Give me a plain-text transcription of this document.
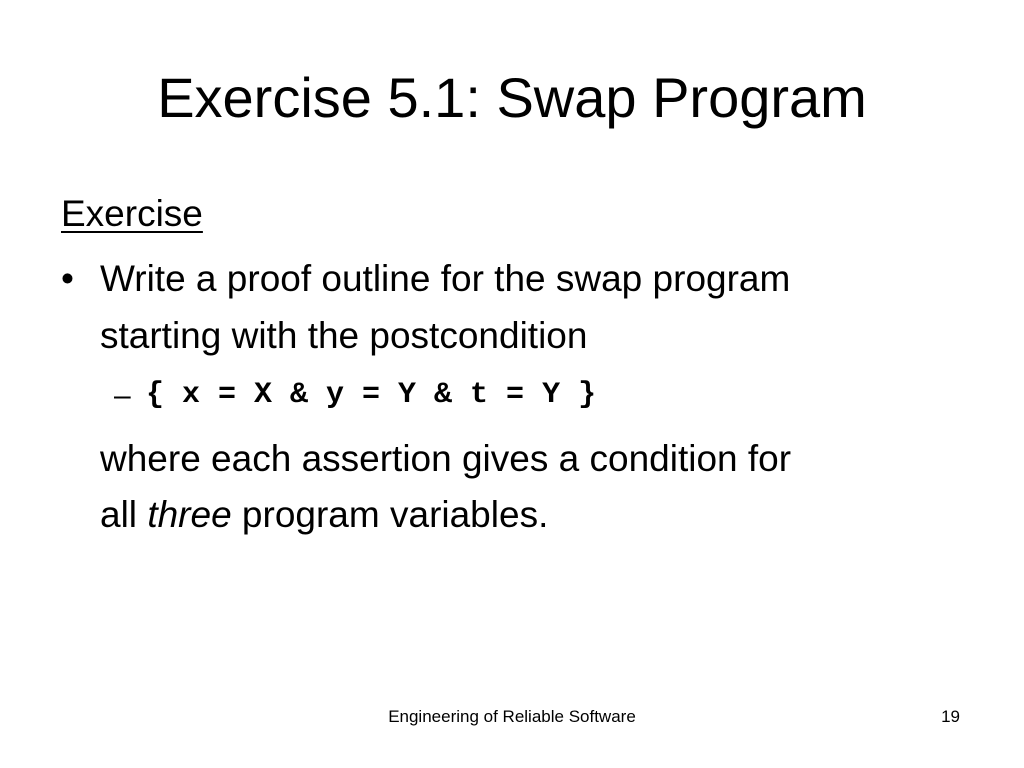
Exercise 5.1: Swap Program
Exercise
• Write a proof outline for the swap program
starting with the postcondition
– { x = X & y = Y & t = Y }
where each assertion gives a condition for
all three program variables.
Engineering of Reliable Software	19
